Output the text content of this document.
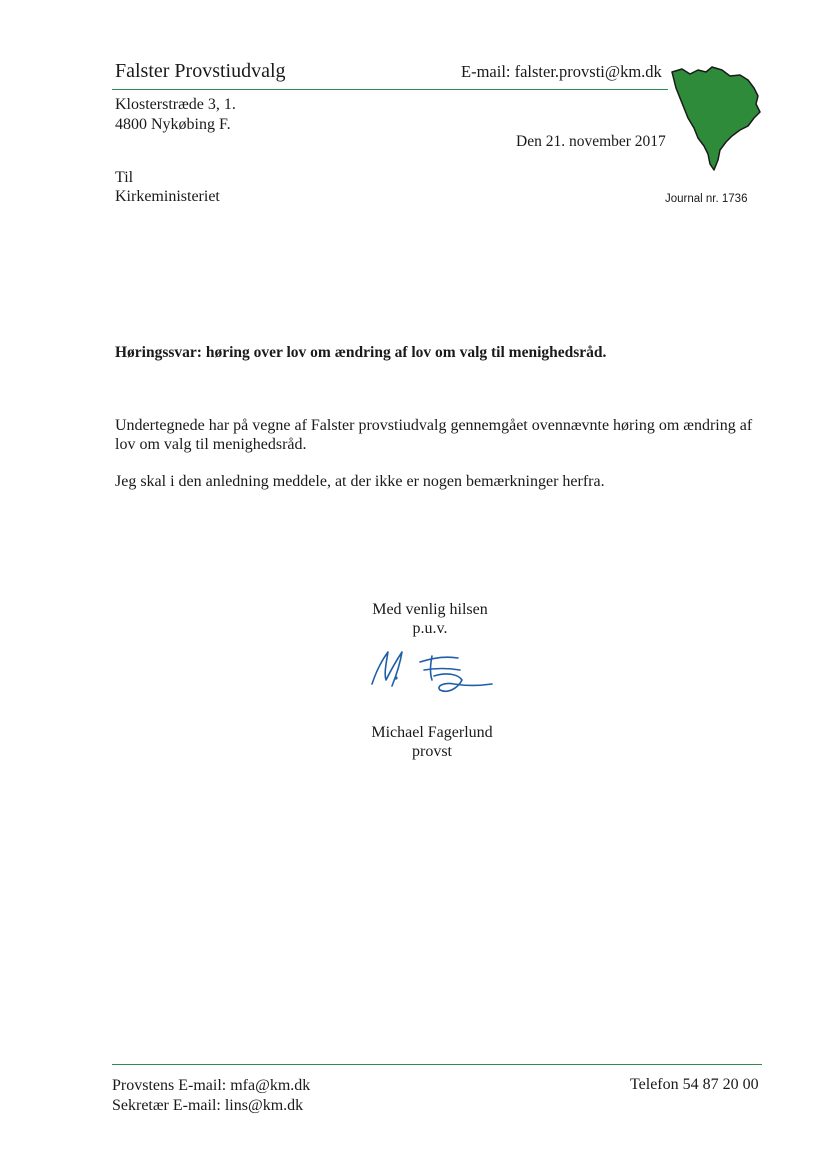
Falster Provstiudvalg	E-mail: falster.provsti@km.dk
Klosterstræde 3, 1.
4800 Nykøbing F.
Den 21. november 2017
Til
Kirkeministeriet	Journal nr. 1736
Høringssvar: høring over lov om ændring af lov om valg til menighedsråd.

Undertegnede har på vegne af Falster provstiudvalg gennemgået ovennævnte høring om ændring af lov om valg til menighedsråd.

Jeg skal i den anledning meddele, at der ikke er nogen bemærkninger herfra.

Med venlig hilsen
p.u.v.
Michael Fagerlund
provst
Provstens E-mail: mfa@km.dk
Sekretær E-mail: lins@km.dk
Telefon 54 87 20 00
